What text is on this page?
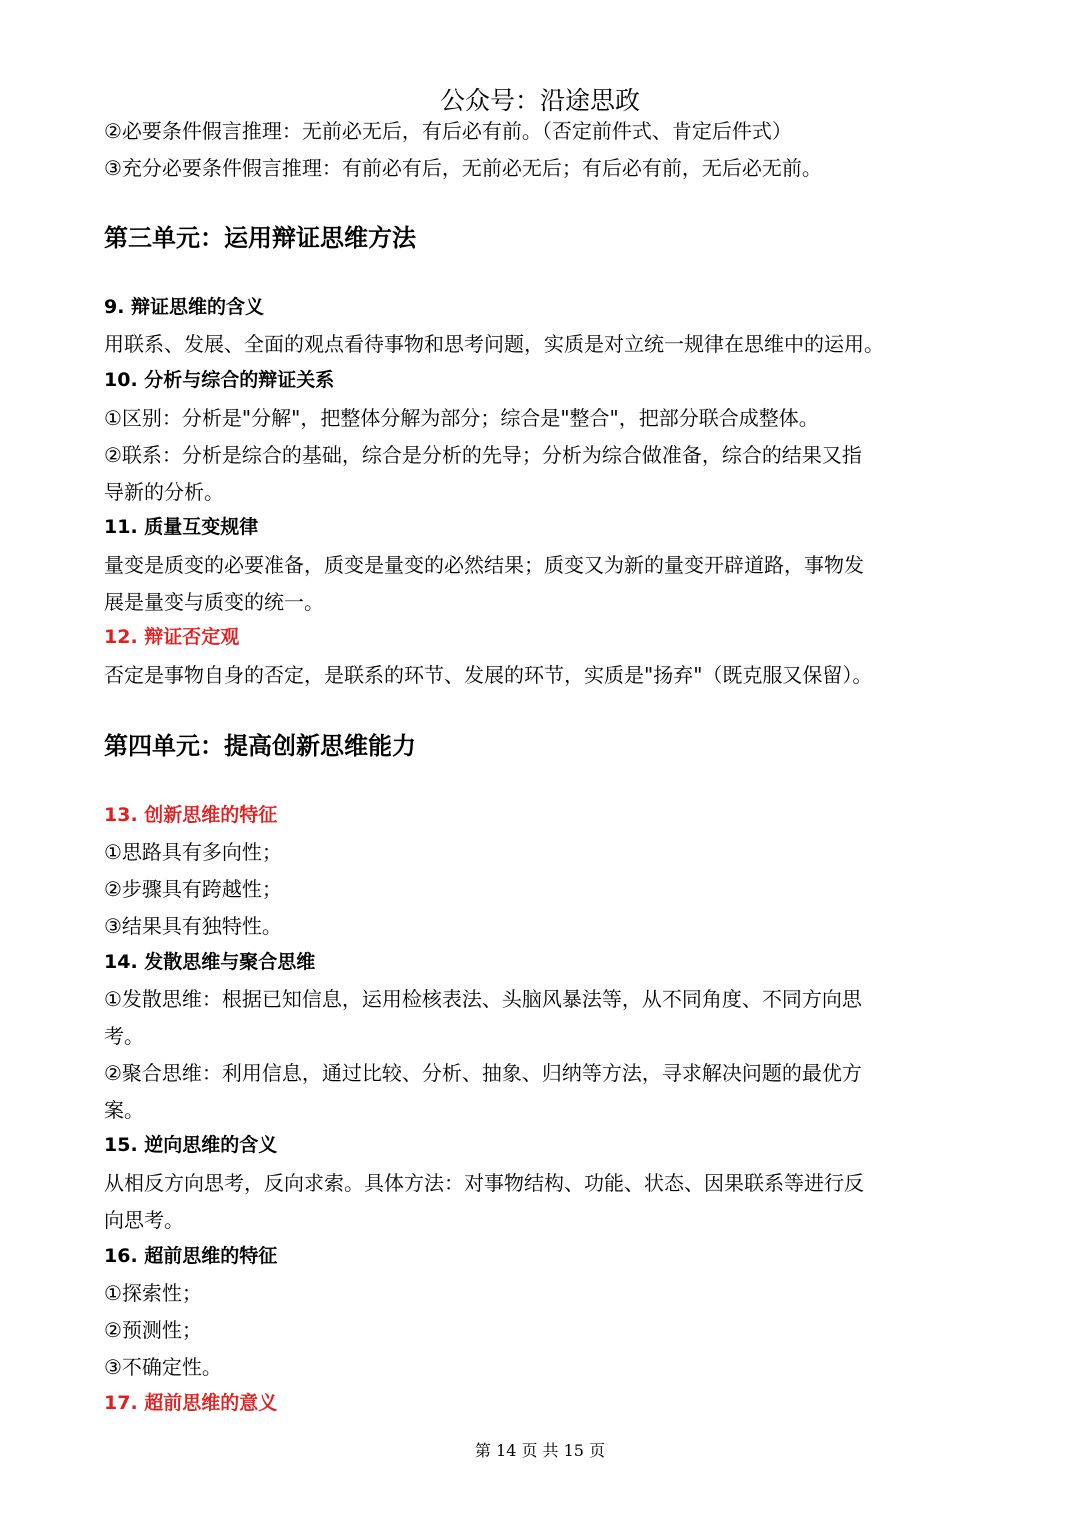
公众号：沿途思政
②必要条件假言推理：无前必无后，有后必有前。（否定前件式、肯定后件式）
③充分必要条件假言推理：有前必有后，无前必无后；有后必有前，无后必无前。
第三单元：运用辩证思维方法
9. 辩证思维的含义
用联系、发展、全面的观点看待事物和思考问题，实质是对立统一规律在思维中的运用。
10. 分析与综合的辩证关系
①区别：分析是"分解"，把整体分解为部分；综合是"整合"，把部分联合成整体。
②联系：分析是综合的基础，综合是分析的先导；分析为综合做准备，综合的结果又指
导新的分析。
11. 质量互变规律
量变是质变的必要准备，质变是量变的必然结果；质变又为新的量变开辟道路，事物发
展是量变与质变的统一。
12. 辩证否定观
否定是事物自身的否定，是联系的环节、发展的环节，实质是"扬弃"（既克服又保留）。
第四单元：提高创新思维能力
13. 创新思维的特征
①思路具有多向性；
②步骤具有跨越性；
③结果具有独特性。
14. 发散思维与聚合思维
①发散思维：根据已知信息，运用检核表法、头脑风暴法等，从不同角度、不同方向思
考。
②聚合思维：利用信息，通过比较、分析、抽象、归纳等方法，寻求解决问题的最优方
案。
15. 逆向思维的含义
从相反方向思考，反向求索。具体方法：对事物结构、功能、状态、因果联系等进行反
向思考。
16. 超前思维的特征
①探索性；
②预测性；
③不确定性。
17. 超前思维的意义
第 14 页 共 15 页
